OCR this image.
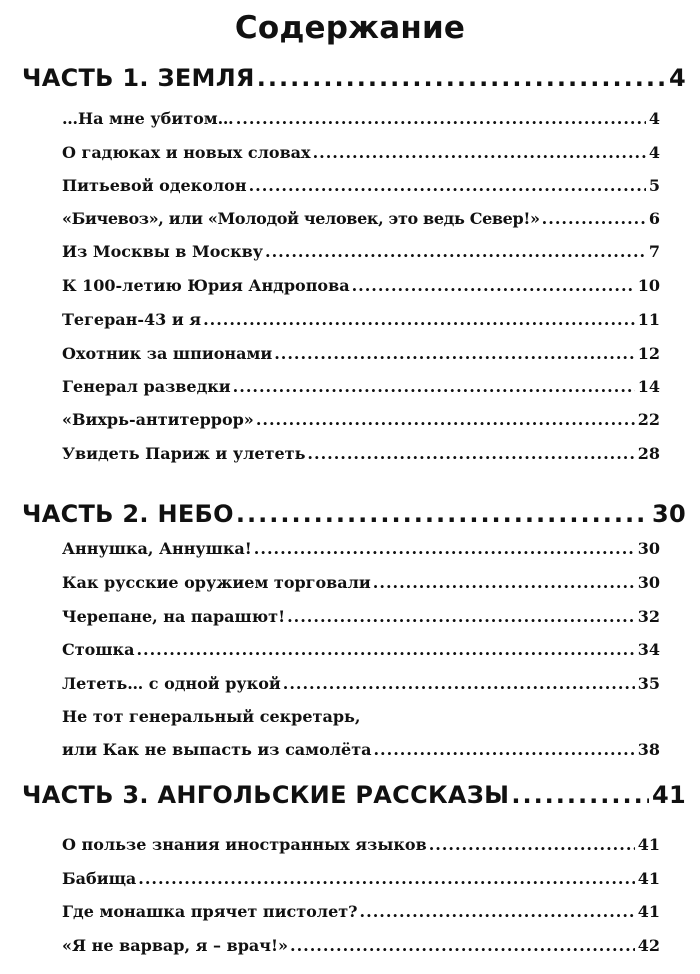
Содержание
ЧАСТЬ 1. ЗЕМЛЯ .....	4
…На мне убитом… .....	4
О гадюках и новых словах .....	4
Питьевой одеколон .....	5
«Бичевоз», или «Молодой человек, это ведь Север!» .....	6
Из Москвы в Москву .....	7
К 100-летию Юрия Андропова .....	10
Тегеран-43 и я .....	11
Охотник за шпионами .....	12
Генерал разведки .....	14
«Вихрь-антитеррор» .....	22
Увидеть Париж и улететь .....	28
ЧАСТЬ 2. НЕБО .....	30
Аннушка, Аннушка! .....	30
Как русские оружием торговали .....	30
Черепане, на парашют! .....	32
Стошка .....	34
Лететь… с одной рукой .....	35
Не тот генеральный секретарь,
или Как не выпасть из самолёта .....	38
ЧАСТЬ 3. АНГОЛЬСКИЕ РАССКАЗЫ .....	41
О пользе знания иностранных языков .....	41
Бабища .....	41
Где монашка прячет пистолет? .....	41
«Я не варвар, я – врач!» .....	42
